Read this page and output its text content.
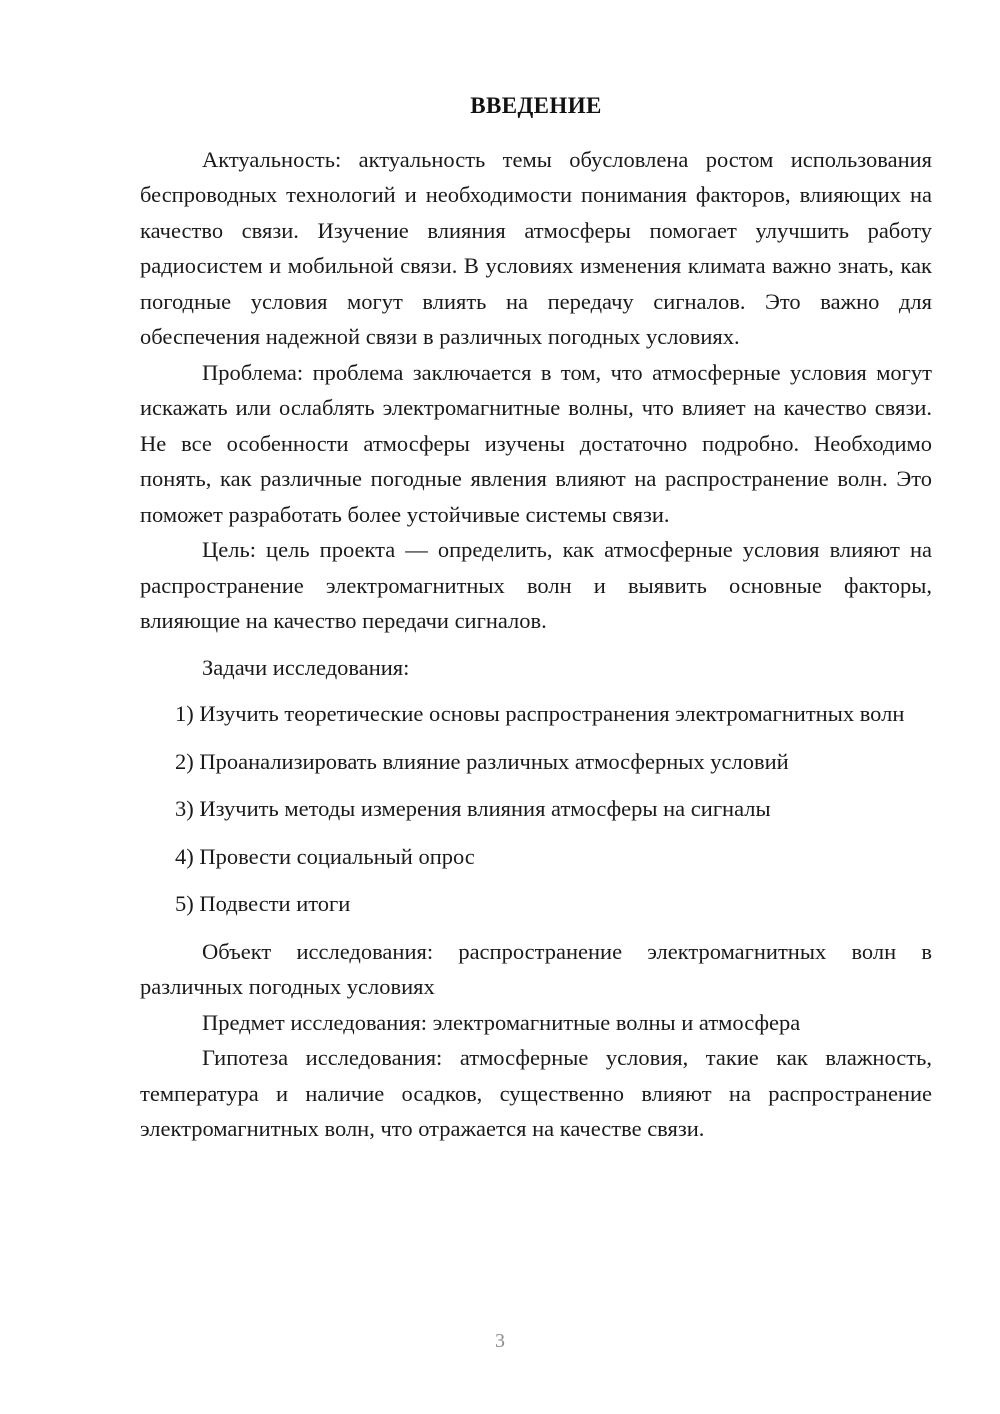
ВВЕДЕНИЕ

Актуальность: актуальность темы обусловлена ростом использования беспроводных технологий и необходимости понимания факторов, влияющих на качество связи. Изучение влияния атмосферы помогает улучшить работу радиосистем и мобильной связи. В условиях изменения климата важно знать, как погодные условия могут влиять на передачу сигналов. Это важно для обеспечения надежной связи в различных погодных условиях.

Проблема: проблема заключается в том, что атмосферные условия могут искажать или ослаблять электромагнитные волны, что влияет на качество связи. Не все особенности атмосферы изучены достаточно подробно. Необходимо понять, как различные погодные явления влияют на распространение волн. Это поможет разработать более устойчивые системы связи.

Цель: цель проекта — определить, как атмосферные условия влияют на распространение электромагнитных волн и выявить основные факторы, влияющие на качество передачи сигналов.

Задачи исследования:

1) Изучить теоретические основы распространения электромагнитных волн
2) Проанализировать влияние различных атмосферных условий
3) Изучить методы измерения влияния атмосферы на сигналы
4) Провести социальный опрос
5) Подвести итоги

Объект исследования: распространение электромагнитных волн в различных погодных условиях

Предмет исследования: электромагнитные волны и атмосфера

Гипотеза исследования: атмосферные условия, такие как влажность, температура и наличие осадков, существенно влияют на распространение электромагнитных волн, что отражается на качестве связи.

3
